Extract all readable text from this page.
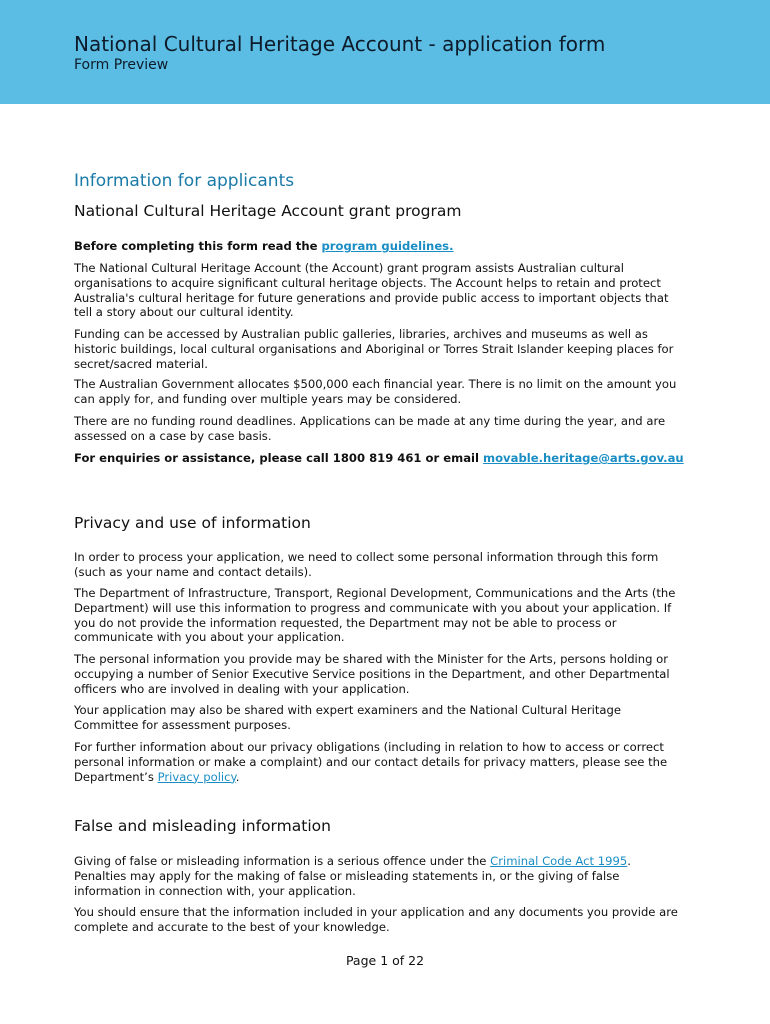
National Cultural Heritage Account - application form
Form Preview
Information for applicants
National Cultural Heritage Account grant program

Before completing this form read the program guidelines.

The National Cultural Heritage Account (the Account) grant program assists Australian cultural organisations to acquire significant cultural heritage objects. The Account helps to retain and protect Australia's cultural heritage for future generations and provide public access to important objects that tell a story about our cultural identity.

Funding can be accessed by Australian public galleries, libraries, archives and museums as well as historic buildings, local cultural organisations and Aboriginal or Torres Strait Islander keeping places for secret/sacred material.

The Australian Government allocates $500,000 each financial year. There is no limit on the amount you can apply for, and funding over multiple years may be considered.

There are no funding round deadlines. Applications can be made at any time during the year, and are assessed on a case by case basis.

For enquiries or assistance, please call 1800 819 461 or email movable.heritage@arts.gov.au

Privacy and use of information

In order to process your application, we need to collect some personal information through this form (such as your name and contact details).

The Department of Infrastructure, Transport, Regional Development, Communications and the Arts (the Department) will use this information to progress and communicate with you about your application. If you do not provide the information requested, the Department may not be able to process or communicate with you about your application.

The personal information you provide may be shared with the Minister for the Arts, persons holding or occupying a number of Senior Executive Service positions in the Department, and other Departmental officers who are involved in dealing with your application.

Your application may also be shared with expert examiners and the National Cultural Heritage Committee for assessment purposes.

For further information about our privacy obligations (including in relation to how to access or correct personal information or make a complaint) and our contact details for privacy matters, please see the Department’s Privacy policy.

False and misleading information

Giving of false or misleading information is a serious offence under the Criminal Code Act 1995. Penalties may apply for the making of false or misleading statements in, or the giving of false information in connection with, your application.

You should ensure that the information included in your application and any documents you provide are complete and accurate to the best of your knowledge.

Page 1 of 22
